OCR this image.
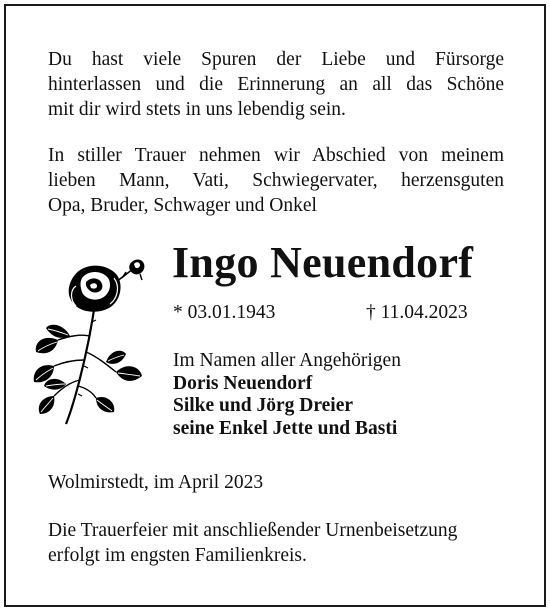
Du hast viele Spuren der Liebe und Fürsorge
hinterlassen und die Erinnerung an all das Schöne
mit dir wird stets in uns lebendig sein.

In stiller Trauer nehmen wir Abschied von meinem
lieben Mann, Vati, Schwiegervater, herzensguten
Opa, Bruder, Schwager und Onkel

Ingo Neuendorf
* 03.01.1943	† 11.04.2023
Im Namen aller Angehörigen
Doris Neuendorf
Silke und Jörg Dreier
seine Enkel Jette und Basti
Wolmirstedt, im April 2023

Die Trauerfeier mit anschließender Urnenbeisetzung
erfolgt im engsten Familienkreis.
